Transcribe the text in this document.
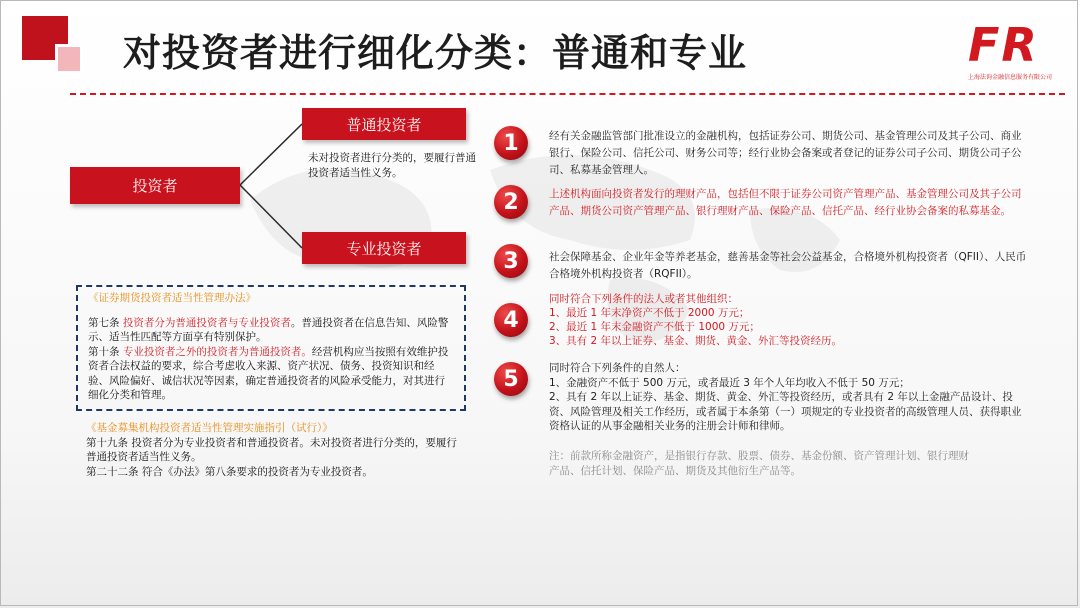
对投资者进行细化分类：普通和专业	FR
上海法询金融信息服务有限公司
投资者
普通投资者
专业投资者
未对投资者进行分类的，要履行普通投资者适当性义务。
《证券期货投资者适当性管理办法》
第七条 投资者分为普通投资者与专业投资者。普通投资者在信息告知、风险警示、适当性匹配等方面享有特别保护。
第十条 专业投资者之外的投资者为普通投资者。经营机构应当按照有效维护投资者合法权益的要求，综合考虑收入来源、资产状况、债务、投资知识和经验、风险偏好、诚信状况等因素，确定普通投资者的风险承受能力，对其进行细化分类和管理。
《基金募集机构投资者适当性管理实施指引（试行）》
第十九条 投资者分为专业投资者和普通投资者。未对投资者进行分类的，要履行普通投资者适当性义务。
第二十二条 符合《办法》第八条要求的投资者为专业投资者。
1	经有关金融监管部门批准设立的金融机构，包括证券公司、期货公司、基金管理公司及其子公司、商业银行、保险公司、信托公司、财务公司等；经行业协会备案或者登记的证券公司子公司、期货公司子公司、私募基金管理人。
2	上述机构面向投资者发行的理财产品，包括但不限于证券公司资产管理产品、基金管理公司及其子公司产品、期货公司资产管理产品、银行理财产品、保险产品、信托产品、经行业协会备案的私募基金。
3	社会保障基金、企业年金等养老基金，慈善基金等社会公益基金，合格境外机构投资者（QFII）、人民币合格境外机构投资者（RQFII）。
4
同时符合下列条件的法人或者其他组织：
1、最近 1 年末净资产不低于 2000 万元；
2、最近 1 年末金融资产不低于 1000 万元；
3、具有 2 年以上证券、基金、期货、黄金、外汇等投资经历。
5	同时符合下列条件的自然人：
1、金融资产不低于 500 万元，或者最近 3 年个人年均收入不低于 50 万元；
2、具有 2 年以上证券、基金、期货、黄金、外汇等投资经历，或者具有 2 年以上金融产品设计、投资、风险管理及相关工作经历，或者属于本条第（一）项规定的专业投资者的高级管理人员、获得职业资格认证的从事金融相关业务的注册会计师和律师。
注：前款所称金融资产，是指银行存款、股票、债券、基金份额、资产管理计划、银行理财产品、信托计划、保险产品、期货及其他衍生产品等。
